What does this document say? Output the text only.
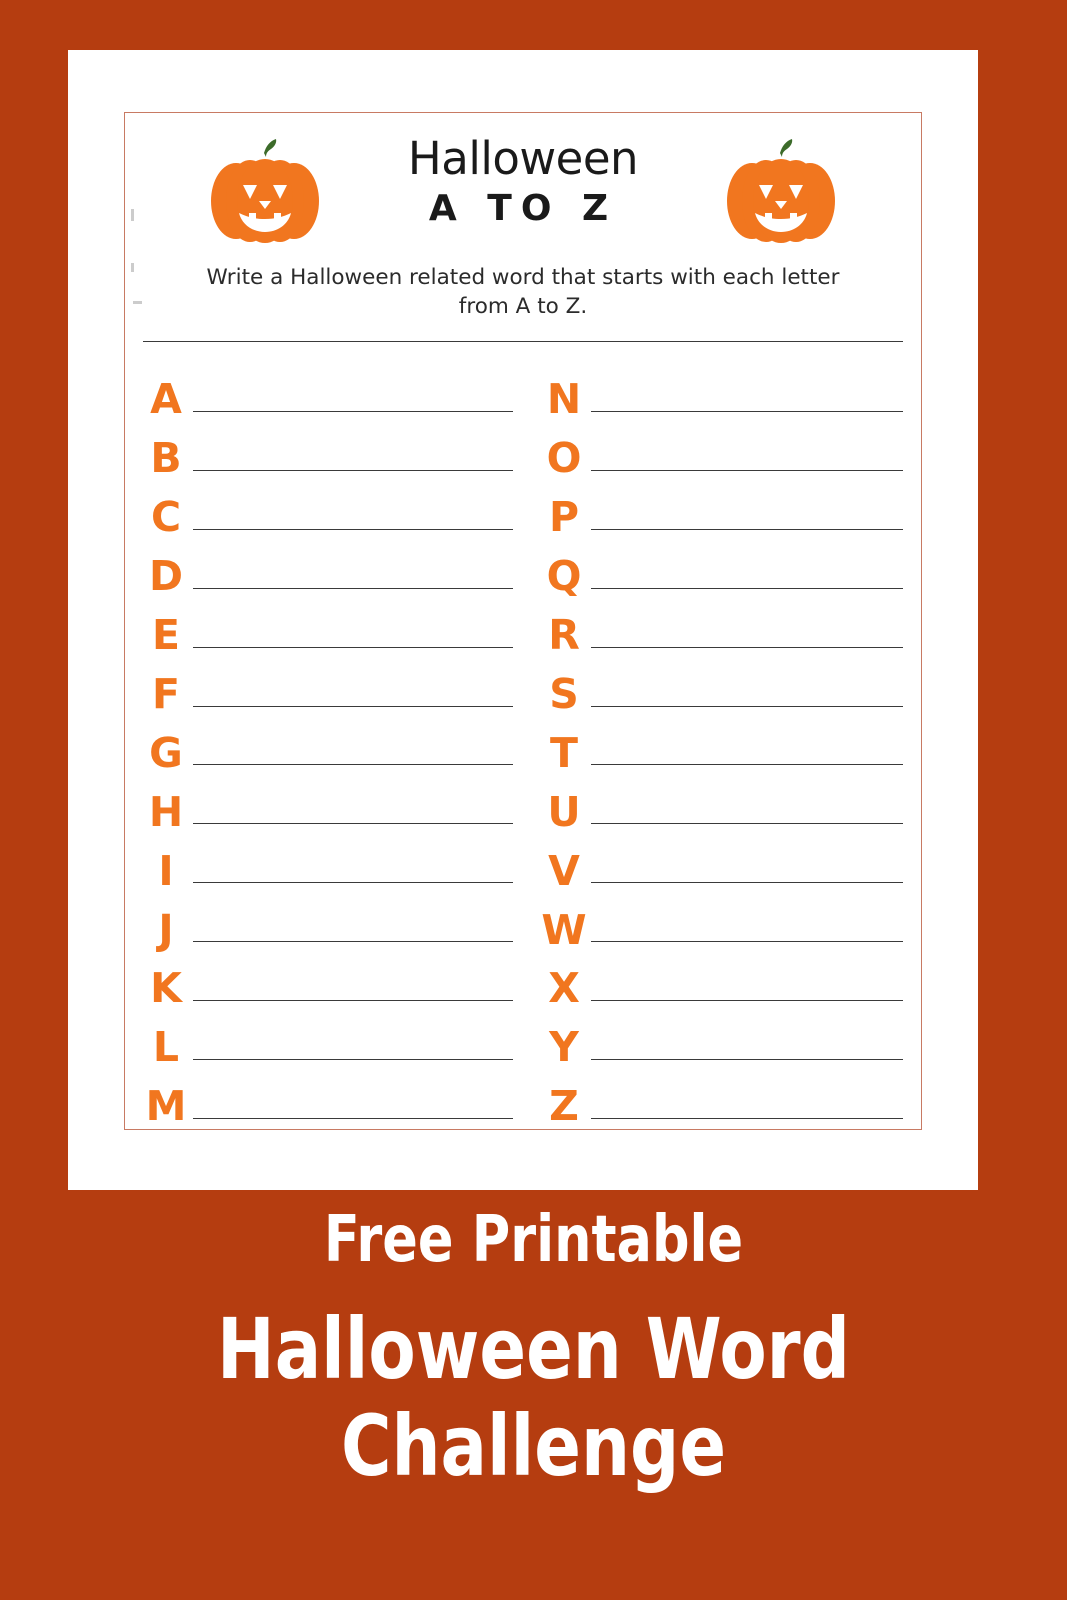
Halloween
A TO Z
Write a Halloween related word that starts with each letter from A to Z.
A
B
C
D
E
F
G
H
I
J
K
L
M
N
O
P
Q
R
S
T
U
V
W
X
Y
Z
Free Printable
Halloween Word Challenge
